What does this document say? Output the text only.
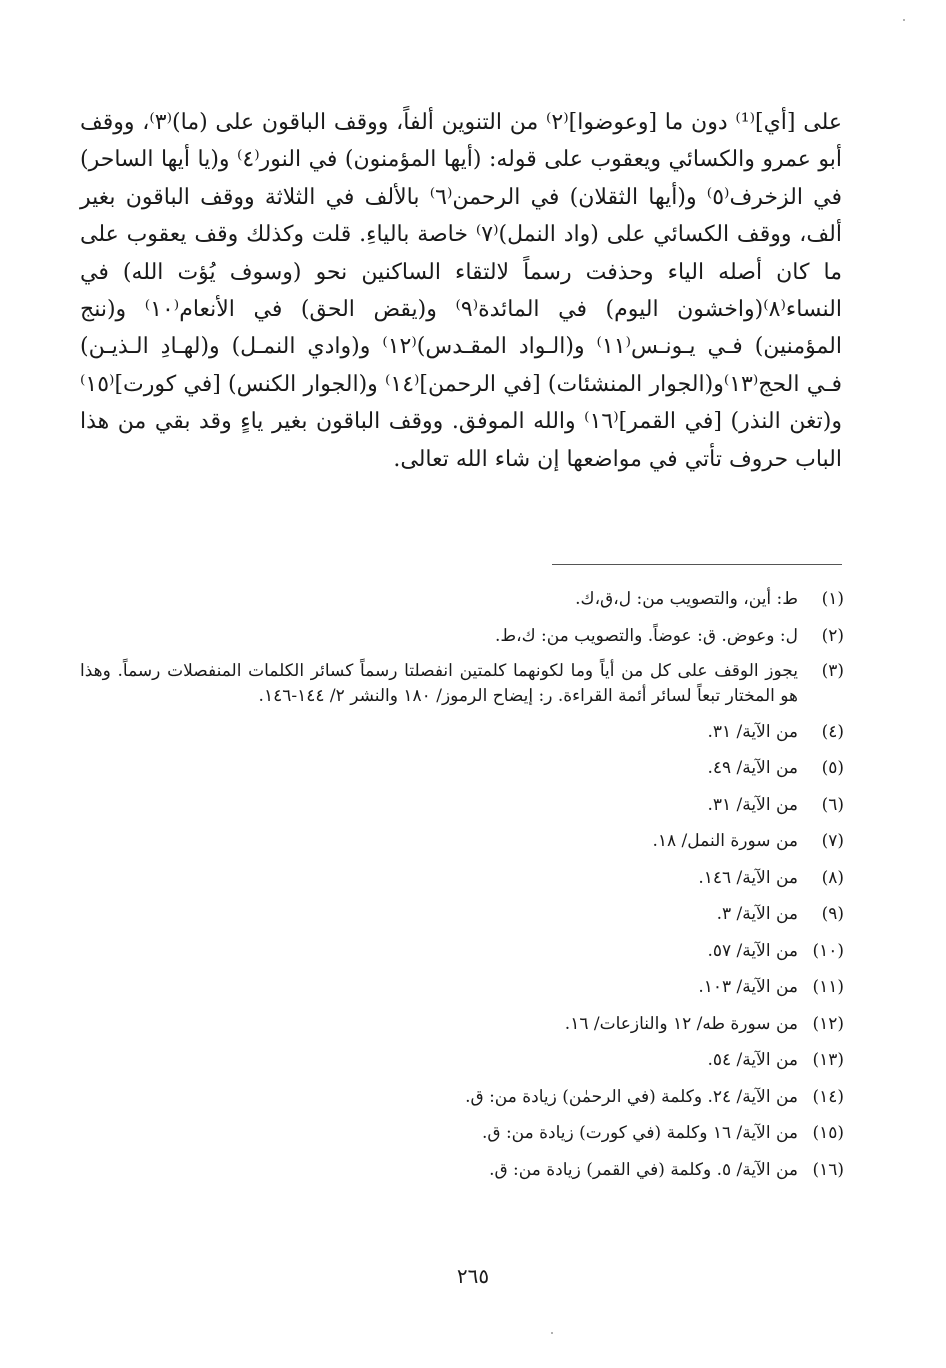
على [أي]⁽¹⁾ دون ما [وعوضوا]⁽٢⁾ من التنوين ألفاً، ووقف الباقون على (ما)⁽٣⁾، ووقف أبو عمرو والكسائي ويعقوب على قوله: (أيها المؤمنون) في النور⁽٤⁾ و(يا أيها الساحر) في الزخرف⁽٥⁾ و(أيها الثقلان) في الرحمن⁽٦⁾ بالألف في الثلاثة ووقف الباقون بغير ألف، ووقف الكسائي على (واد النمل)⁽٧⁾ خاصة بالياءِ. قلت وكذلك وقف يعقوب على ما كان أصله الياء وحذفت رسماً لالتقاء الساكنين نحو (وسوف يُؤت الله) في النساء⁽٨⁾(واخشون اليوم) في المائدة⁽٩⁾ و(يقض الحق) في الأنعام⁽١٠⁾ و(ننج المؤمنين) فـي يـونـس⁽١١⁾ و(الـواد المقـدس)⁽١٢⁾ و(وادي النمـل) و(لهـادِ الـذيـن) فـي الحج⁽١٣⁾و(الجوار المنشئات) [في الرحمن]⁽١٤⁾ و(الجوار الكنس) [في كورت]⁽١٥⁾ و(تغن النذر) [في القمر]⁽١٦⁾ والله الموفق. ووقف الباقون بغير ياءٍ وقد بقي من هذا الباب حروف تأتي في مواضعها إن شاء الله تعالى.

(١)
ط: أين، والتصويب من: ل،ق،ك.
(٢)
ل: وعوض. ق: عوضاً. والتصويب من: ك،ط.
(٣)
يجوز الوقف على كل من أياً وما لكونهما كلمتين انفصلتا رسماً كسائر الكلمات المنفصلات رسماً. وهذا هو المختار تبعاً لسائر أئمة القراءة. ر: إيضاح الرموز/ ١٨٠ والنشر ٢/ ١٤٤-١٤٦.
(٤)
من الآية/ ٣١.
(٥)
من الآية/ ٤٩.
(٦)
من الآية/ ٣١.
(٧)
من سورة النمل/ ١٨.
(٨)
من الآية/ ١٤٦.
(٩)
من الآية/ ٣.
(١٠)
من الآية/ ٥٧.
(١١)
من الآية/ ١٠٣.
(١٢)
من سورة طه/ ١٢ والنازعات/ ١٦.
(١٣)
من الآية/ ٥٤.
(١٤)
من الآية/ ٢٤. وكلمة (في الرحمٰن) زيادة من: ق.
(١٥)
من الآية/ ١٦ وكلمة (في كورت) زيادة من: ق.
(١٦)
من الآية/ ٥. وكلمة (في القمر) زيادة من: ق.
٢٦٥
